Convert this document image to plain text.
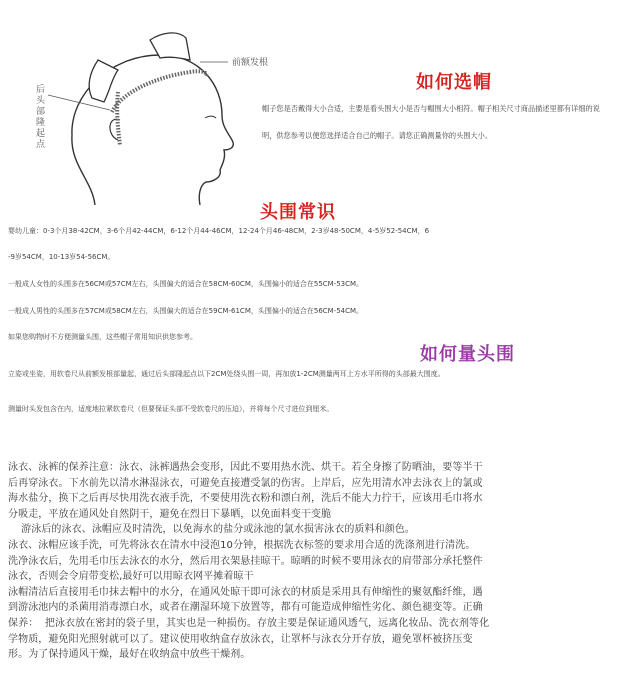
前额发根
后头部隆起点
如何选帽
帽子您是否戴得大小合适，主要是看头围大小是否与帽围大小相符。帽子相关尺寸商品描述里都有详细的说明，供您参考以便您选择适合自己的帽子。请您正确测量你的头围大小。
头围常识
婴幼儿童：0-3个月38-42CM，3-6个月42-44CM，6-12个月44-46CM，12-24个月46-48CM，2-3岁48-50CM，4-5岁52-54CM，6
-9岁54CM，10-13岁54-56CM。
一般成人女性的头围多在56CM或57CM左右，头围偏大的适合在58CM-60CM，头围偏小的适合在55CM-53CM。
一般成人男性的头围多在57CM或58CM左右，头围偏大的适合在59CM-61CM，头围偏小的适合在56CM-54CM。
如果您购物时不方便测量头围，这些帽子常用知识供您参考。
如何量头围
立姿或坐姿，用软卷尺从前额发根部量起，通过后头部隆起点以下2CM处绕头围一周，再加放1-2CM测量两耳上方水平所得的头部最大围度。
测量时头发包含在内，适度地拉紧软卷尺（但要保证头部不受软卷尺的压迫），并将每个尺寸进位到厘米。

泳衣、泳裤的保养注意：泳衣、泳裤遇热会变形，因此不要用热水洗、烘干。若全身擦了防晒油，要等半干

后再穿泳衣。下水前先以清水淋湿泳衣，可避免直接遭受氯的伤害。上岸后，应先用清水冲去泳衣上的氯或

海水盐分，换下之后再尽快用洗衣液手洗，不要使用洗衣粉和漂白剂，洗后不能大力拧干，应该用毛巾将水

分吸走，平放在通风处自然阴干，避免在烈日下暴晒，以免面料变干变脆

游泳后的泳衣、泳帽应及时清洗，以免海水的盐分或泳池的氯水损害泳衣的质料和颜色。

泳衣、泳帽应该手洗，可先将泳衣在清水中浸泡10分钟，根据洗衣标签的要求用合适的洗涤剂进行清洗。

洗净泳衣后，先用毛巾压去泳衣的水分，然后用衣架悬挂晾干。晾晒的时候不要用泳衣的肩带部分承托整件

泳衣，否则会令肩带变松,最好可以用晾衣网平摊着晾干

泳帽清洁后直接用毛巾抹去帽中的水分，在通风处晾干即可泳衣的材质是采用具有伸缩性的聚氨酯纤维，遇

到游泳池内的杀菌用消毒漂白水，或者在潮湿环境下放置等，都有可能造成伸缩性劣化、颜色褪变等。正确

保养：  把泳衣放在密封的袋子里，其实也是一种损伤。存放主要是保证通风透气，远离化妆品、洗衣剂等化

学物质，避免阳光照射就可以了。建议使用收纳盒存放泳衣，让罩杯与泳衣分开存放，避免罩杯被挤压变

形。为了保持通风干燥，最好在收纳盒中放些干燥剂。
